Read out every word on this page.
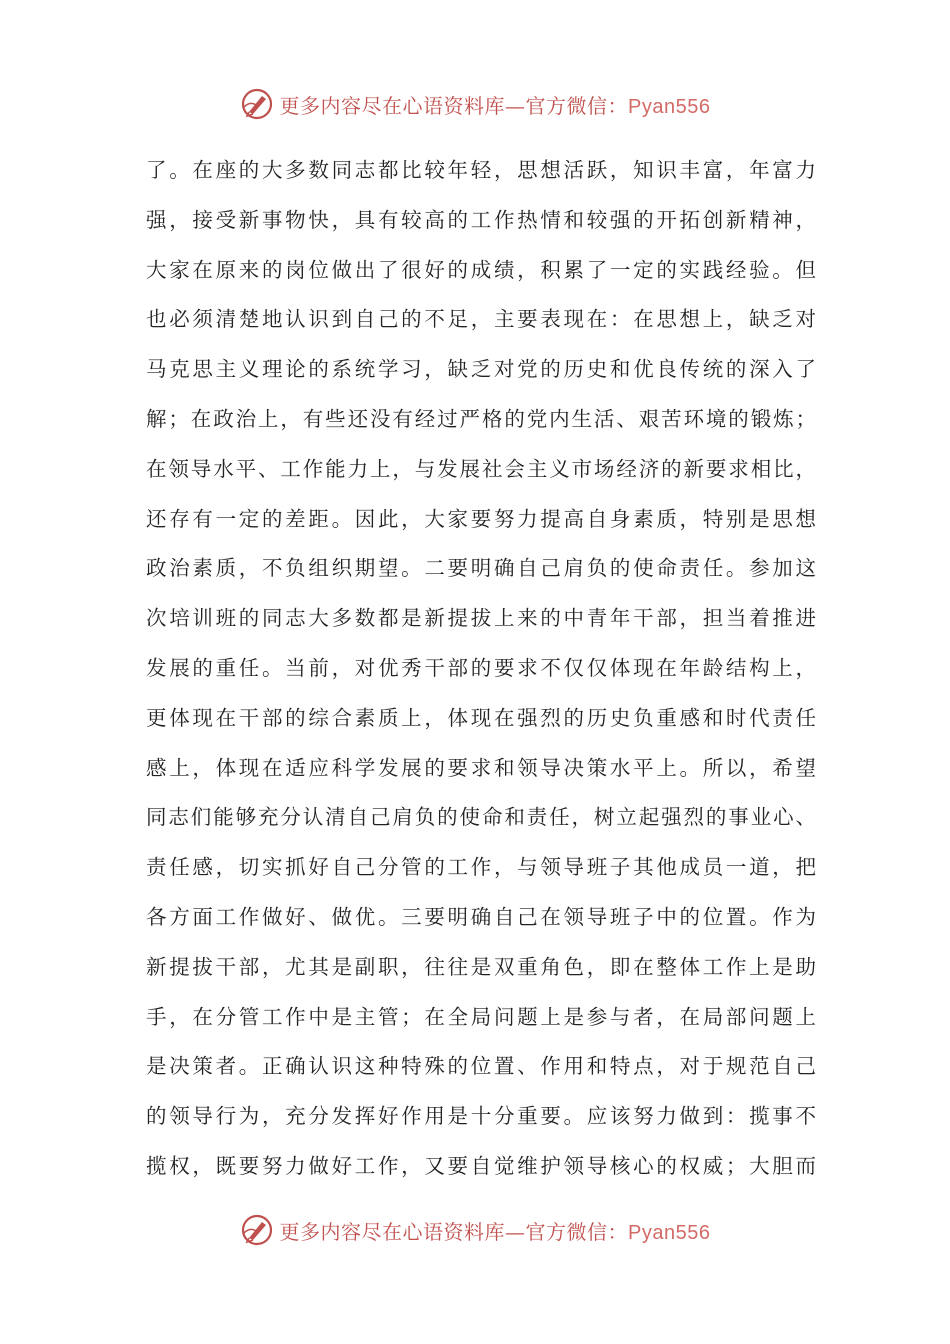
更多内容尽在心语资料库—官方微信：Pyan556
了。在座的大多数同志都比较年轻，思想活跃，知识丰富，年富力
强，接受新事物快，具有较高的工作热情和较强的开拓创新精神，
大家在原来的岗位做出了很好的成绩，积累了一定的实践经验。但
也必须清楚地认识到自己的不足，主要表现在：在思想上，缺乏对
马克思主义理论的系统学习，缺乏对党的历史和优良传统的深入了
解；在政治上，有些还没有经过严格的党内生活、艰苦环境的锻炼；
在领导水平、工作能力上，与发展社会主义市场经济的新要求相比，
还存有一定的差距。因此，大家要努力提高自身素质，特别是思想
政治素质，不负组织期望。二要明确自己肩负的使命责任。参加这
次培训班的同志大多数都是新提拔上来的中青年干部，担当着推进
发展的重任。当前，对优秀干部的要求不仅仅体现在年龄结构上，
更体现在干部的综合素质上，体现在强烈的历史负重感和时代责任
感上，体现在适应科学发展的要求和领导决策水平上。所以，希望
同志们能够充分认清自己肩负的使命和责任，树立起强烈的事业心、
责任感，切实抓好自己分管的工作，与领导班子其他成员一道，把
各方面工作做好、做优。三要明确自己在领导班子中的位置。作为
新提拔干部，尤其是副职，往往是双重角色，即在整体工作上是助
手，在分管工作中是主管；在全局问题上是参与者，在局部问题上
是决策者。正确认识这种特殊的位置、作用和特点，对于规范自己
的领导行为，充分发挥好作用是十分重要。应该努力做到：揽事不
揽权，既要努力做好工作，又要自觉维护领导核心的权威；大胆而
更多内容尽在心语资料库—官方微信：Pyan556
